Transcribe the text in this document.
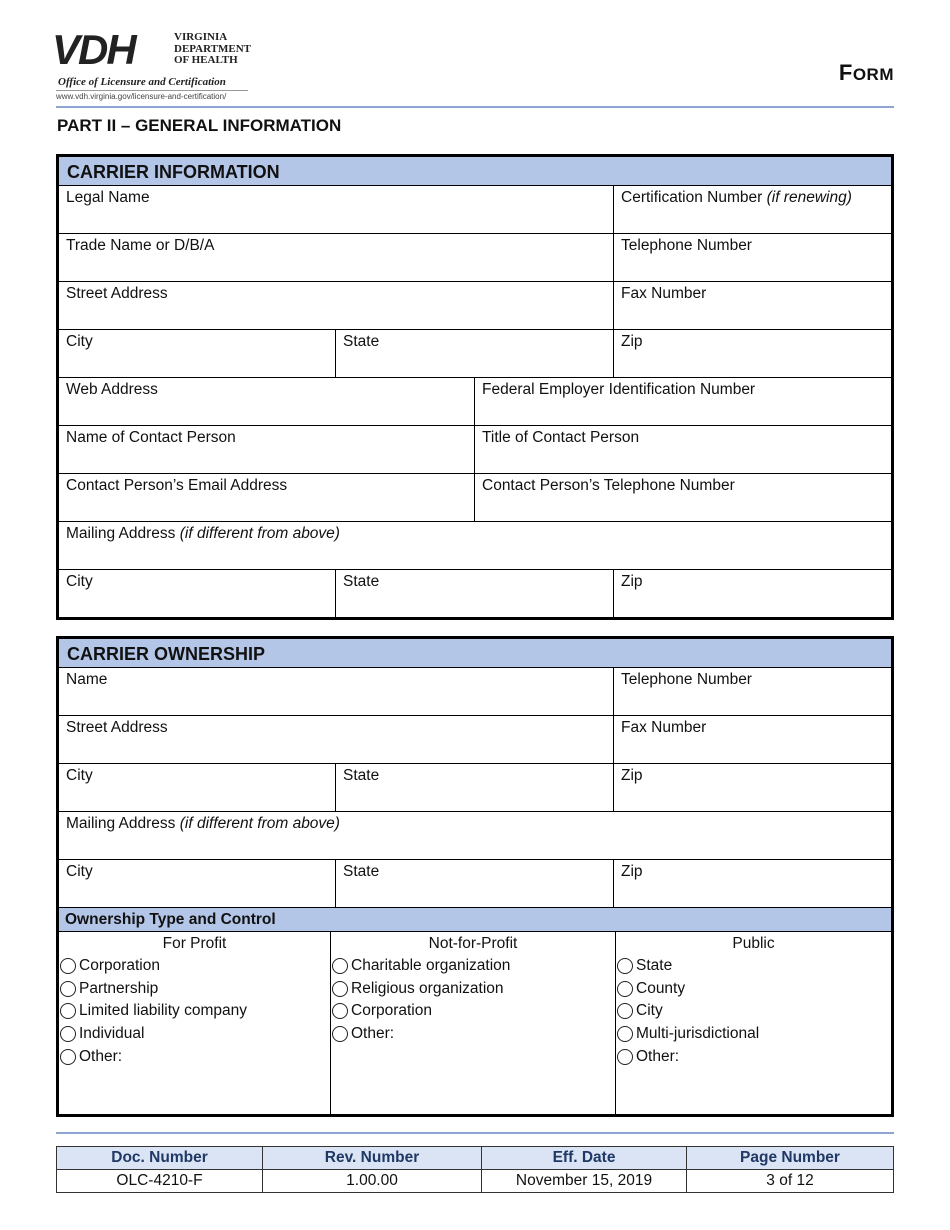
VDH	VIRGINIA
DEPARTMENT
OF HEALTH
Office of Licensure and Certification
www.vdh.virginia.gov/licensure-and-certification/
FORM
PART II – GENERAL INFORMATION
CARRIER INFORMATION
Legal Name	Certification Number (if renewing)
Trade Name or D/B/A	Telephone Number
Street Address	Fax Number
City	State	Zip
Web Address	Federal Employer Identification Number
Name of Contact Person	Title of Contact Person
Contact Person’s Email Address	Contact Person’s Telephone Number
Mailing Address (if different from above)
City	State	Zip
CARRIER OWNERSHIP
Name	Telephone Number
Street Address	Fax Number
City	State	Zip
Mailing Address (if different from above)
City	State	Zip
Ownership Type and Control
For Profit
Corporation
Partnership
Limited liability company
Individual
Other:
Not-for-Profit
Charitable organization
Religious organization
Corporation
Other:
Public
State
County
City
Multi-jurisdictional
Other:
Doc. Number	Rev. Number	Eff. Date	Page Number
OLC-4210-F	1.00.00	November 15, 2019	3 of 12
